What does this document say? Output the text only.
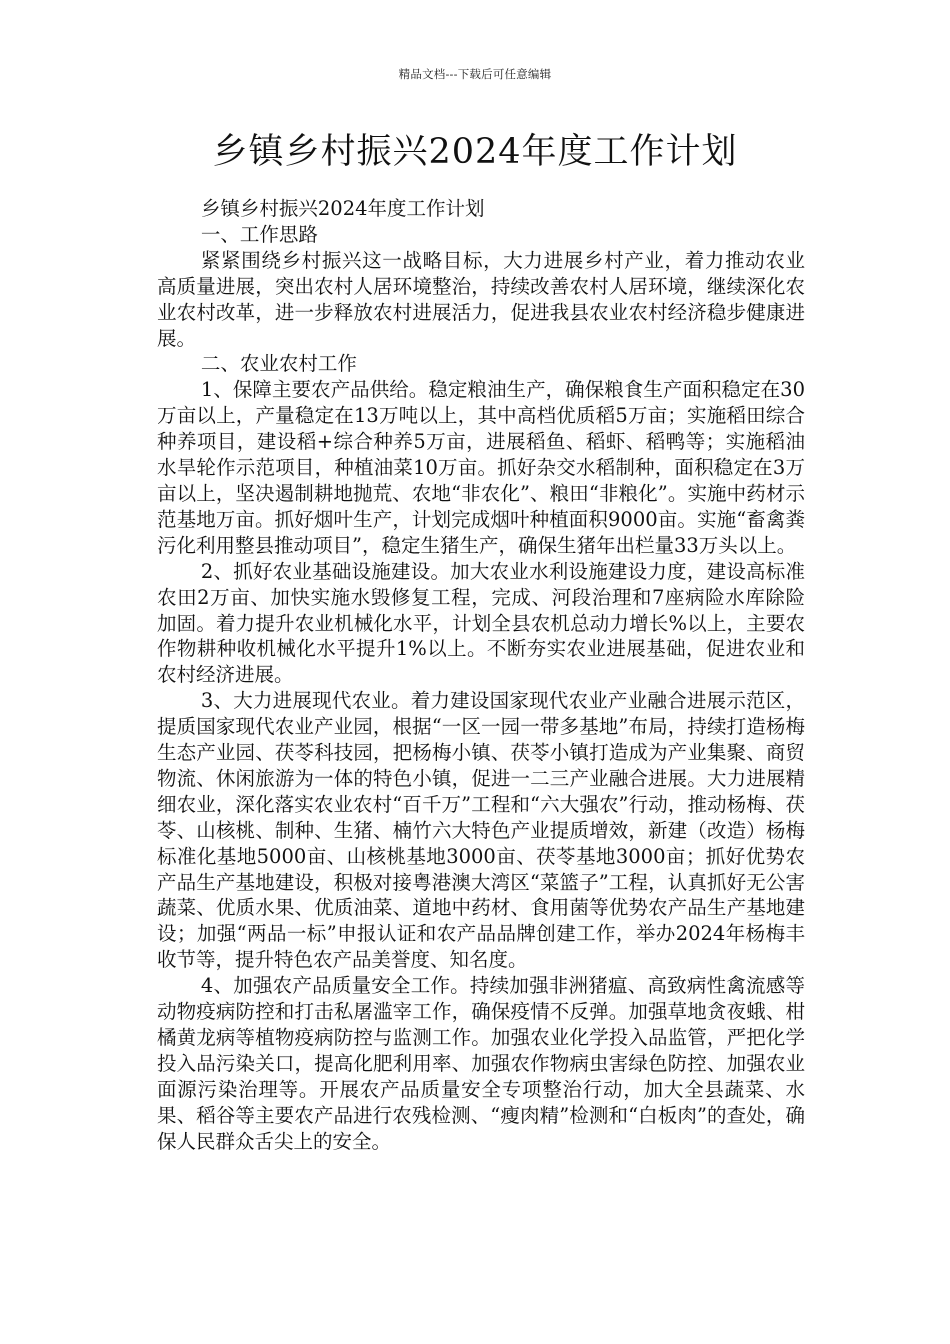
精品文档---下载后可任意编辑
乡镇乡村振兴2024年度工作计划

乡镇乡村振兴2024年度工作计划

一、工作思路

紧紧围绕乡村振兴这一战略目标，大力进展乡村产业，着力推动农业高质量进展，突出农村人居环境整治，持续改善农村人居环境，继续深化农业农村改革，进一步释放农村进展活力，促进我县农业农村经济稳步健康进展。

二、农业农村工作

1、保障主要农产品供给。稳定粮油生产，确保粮食生产面积稳定在30万亩以上，产量稳定在13万吨以上，其中高档优质稻5万亩；实施稻田综合种养项目，建设稻+综合种养5万亩，进展稻鱼、稻虾、稻鸭等；实施稻油水旱轮作示范项目，种植油菜10万亩。抓好杂交水稻制种，面积稳定在3万亩以上，坚决遏制耕地抛荒、农地“非农化”、粮田“非粮化”。实施中药材示范基地万亩。抓好烟叶生产，计划完成烟叶种植面积9000亩。实施“畜禽粪污化利用整县推动项目”，稳定生猪生产，确保生猪年出栏量33万头以上。

2、抓好农业基础设施建设。加大农业水利设施建设力度，建设高标准农田2万亩、加快实施水毁修复工程，完成、河段治理和7座病险水库除险加固。着力提升农业机械化水平，计划全县农机总动力增长%以上，主要农作物耕种收机械化水平提升1%以上。不断夯实农业进展基础，促进农业和农村经济进展。

3、大力进展现代农业。着力建设国家现代农业产业融合进展示范区，提质国家现代农业产业园，根据“一区一园一带多基地”布局，持续打造杨梅生态产业园、茯苓科技园，把杨梅小镇、茯苓小镇打造成为产业集聚、商贸物流、休闲旅游为一体的特色小镇，促进一二三产业融合进展。大力进展精细农业，深化落实农业农村“百千万”工程和“六大强农”行动，推动杨梅、茯苓、山核桃、制种、生猪、楠竹六大特色产业提质增效，新建（改造）杨梅标准化基地5000亩、山核桃基地3000亩、茯苓基地3000亩；抓好优势农产品生产基地建设，积极对接粤港澳大湾区“菜篮子”工程，认真抓好无公害蔬菜、优质水果、优质油菜、道地中药材、食用菌等优势农产品生产基地建设；加强“两品一标”申报认证和农产品品牌创建工作，举办2024年杨梅丰收节等，提升特色农产品美誉度、知名度。

4、加强农产品质量安全工作。持续加强非洲猪瘟、高致病性禽流感等动物疫病防控和打击私屠滥宰工作，确保疫情不反弹。加强草地贪夜蛾、柑橘黄龙病等植物疫病防控与监测工作。加强农业化学投入品监管，严把化学投入品污染关口，提高化肥利用率、加强农作物病虫害绿色防控、加强农业面源污染治理等。开展农产品质量安全专项整治行动，加大全县蔬菜、水果、稻谷等主要农产品进行农残检测、“瘦肉精”检测和“白板肉”的查处，确保人民群众舌尖上的安全。
